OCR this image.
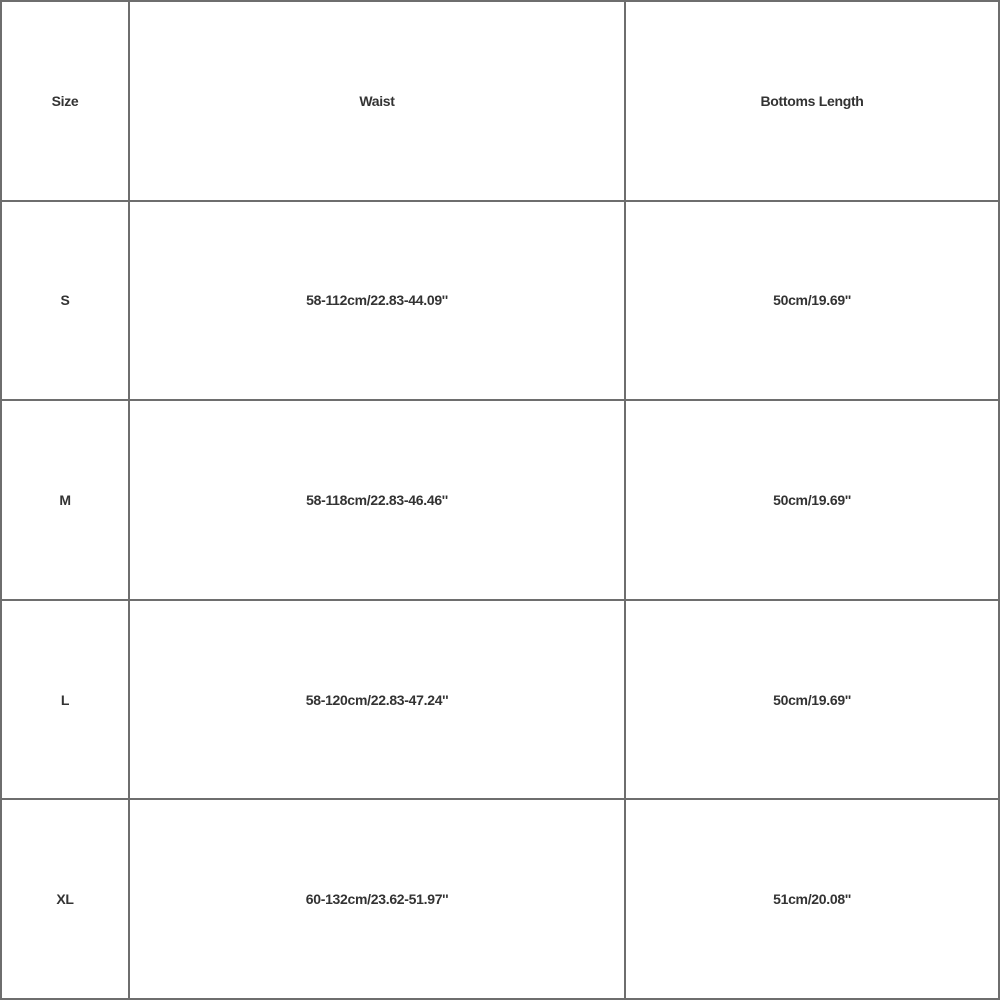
Size	Waist	Bottoms Length
S	58-112cm/22.83-44.09''	50cm/19.69''
M	58-118cm/22.83-46.46''	50cm/19.69''
L	58-120cm/22.83-47.24''	50cm/19.69''
XL	60-132cm/23.62-51.97''	51cm/20.08''
